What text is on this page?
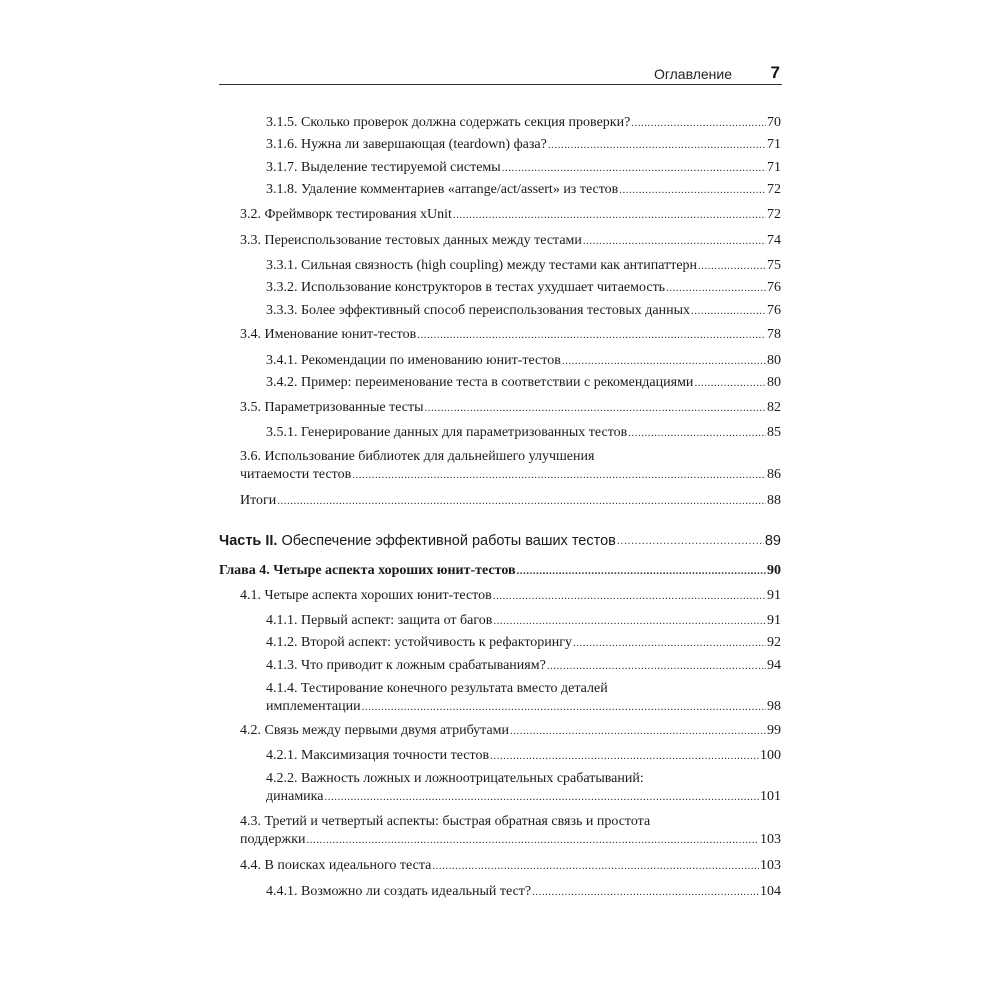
Оглавление 7
3.1.5. Сколько проверок должна содержать секция проверки? .....	70
3.1.6. Нужна ли завершающая (teardown) фаза? .....	71
3.1.7. Выделение тестируемой системы .....	71
3.1.8. Удаление комментариев «arrange/act/assert» из тестов .....	72
3.2. Фреймворк тестирования xUnit .....	72
3.3. Переиспользование тестовых данных между тестами .....	74
3.3.1. Сильная связность (high coupling) между тестами как антипаттерн .....	75
3.3.2. Использование конструкторов в тестах ухудшает читаемость .....	76
3.3.3. Более эффективный способ переиспользования тестовых данных .....	76
3.4. Именование юнит-тестов .....	78
3.4.1. Рекомендации по именованию юнит-тестов .....	80
3.4.2. Пример: переименование теста в соответствии с рекомендациями .....	80
3.5. Параметризованные тесты .....	82
3.5.1. Генерирование данных для параметризованных тестов .....	85
3.6. Использование библиотек для дальнейшего улучшения
читаемости тестов .....	86
Итоги .....	88
Часть II. Обеспечение эффективной работы ваших тестов .....	89
Глава 4. Четыре аспекта хороших юнит-тестов .....	90
4.1. Четыре аспекта хороших юнит-тестов .....	91
4.1.1. Первый аспект: защита от багов .....	91
4.1.2. Второй аспект: устойчивость к рефакторингу .....	92
4.1.3. Что приводит к ложным срабатываниям? .....	94
4.1.4. Тестирование конечного результата вместо деталей
имплементации .....	98
4.2. Связь между первыми двумя атрибутами .....	99
4.2.1. Максимизация точности тестов .....	100
4.2.2. Важность ложных и ложноотрицательных срабатываний:
динамика .....	101
4.3. Третий и четвертый аспекты: быстрая обратная связь и простота
поддержки .....	103
4.4. В поисках идеального теста .....	103
4.4.1. Возможно ли создать идеальный тест? .....	104
